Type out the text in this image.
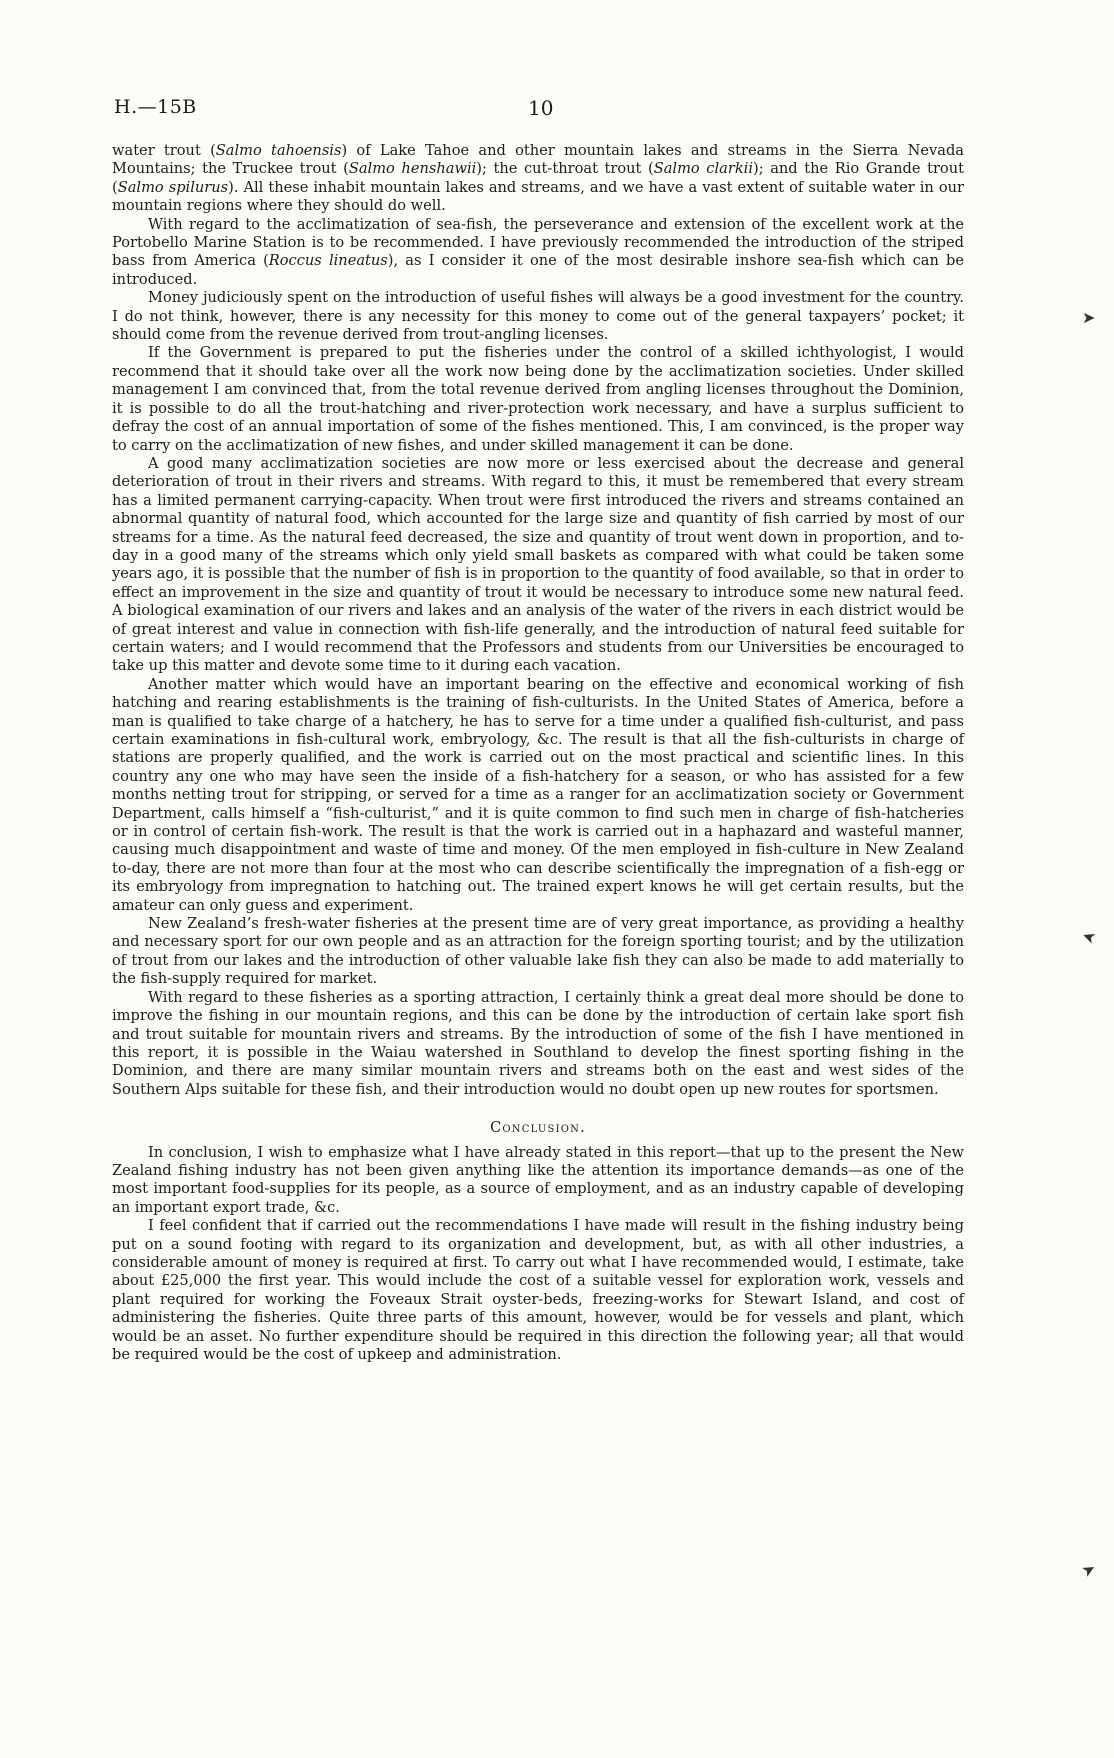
H.—15B	10
➤
➤
➤

water trout (Salmo tahoensis) of Lake Tahoe and other mountain lakes and streams in the Sierra Nevada Mountains; the Truckee trout (Salmo henshawii); the cut-throat trout (Salmo clarkii); and the Rio Grande trout (Salmo spilurus). All these inhabit mountain lakes and streams, and we have a vast extent of suitable water in our mountain regions where they should do well.

With regard to the acclimatization of sea-fish, the perseverance and extension of the excellent work at the Portobello Marine Station is to be recommended. I have previously recommended the introduction of the striped bass from America (Roccus lineatus), as I consider it one of the most desirable inshore sea-fish which can be introduced.

Money judiciously spent on the introduction of useful fishes will always be a good investment for the country. I do not think, however, there is any necessity for this money to come out of the general taxpayers’ pocket; it should come from the revenue derived from trout-angling licenses.

If the Government is prepared to put the fisheries under the control of a skilled ichthyologist, I would recommend that it should take over all the work now being done by the acclimatization societies. Under skilled management I am convinced that, from the total revenue derived from angling licenses throughout the Dominion, it is possible to do all the trout-hatching and river-protection work necessary, and have a surplus sufficient to defray the cost of an annual importation of some of the fishes mentioned. This, I am convinced, is the proper way to carry on the acclimatization of new fishes, and under skilled management it can be done.

A good many acclimatization societies are now more or less exercised about the decrease and general deterioration of trout in their rivers and streams. With regard to this, it must be remembered that every stream has a limited permanent carrying-capacity. When trout were first introduced the rivers and streams contained an abnormal quantity of natural food, which accounted for the large size and quantity of fish carried by most of our streams for a time. As the natural feed decreased, the size and quantity of trout went down in proportion, and to-day in a good many of the streams which only yield small baskets as compared with what could be taken some years ago, it is possible that the number of fish is in proportion to the quantity of food available, so that in order to effect an improvement in the size and quantity of trout it would be necessary to introduce some new natural feed. A biological examination of our rivers and lakes and an analysis of the water of the rivers in each district would be of great interest and value in connection with fish-life generally, and the introduction of natural feed suitable for certain waters; and I would recommend that the Professors and students from our Universities be encouraged to take up this matter and devote some time to it during each vacation.

Another matter which would have an important bearing on the effective and economical working of fish hatching and rearing establishments is the training of fish-culturists. In the United States of America, before a man is qualified to take charge of a hatchery, he has to serve for a time under a qualified fish-culturist, and pass certain examinations in fish-cultural work, embryology, &c. The result is that all the fish-culturists in charge of stations are properly qualified, and the work is carried out on the most practical and scientific lines. In this country any one who may have seen the inside of a fish-hatchery for a season, or who has assisted for a few months netting trout for stripping, or served for a time as a ranger for an acclimatization society or Government Department, calls himself a “fish-culturist,” and it is quite common to find such men in charge of fish-hatcheries or in control of certain fish-work. The result is that the work is carried out in a haphazard and wasteful manner, causing much disappointment and waste of time and money. Of the men employed in fish-culture in New Zealand to-day, there are not more than four at the most who can describe scientifically the impregnation of a fish-egg or its embryology from impregnation to hatching out. The trained expert knows he will get certain results, but the amateur can only guess and experiment.

New Zealand’s fresh-water fisheries at the present time are of very great importance, as providing a healthy and necessary sport for our own people and as an attraction for the foreign sporting tourist; and by the utilization of trout from our lakes and the introduction of other valuable lake fish they can also be made to add materially to the fish-supply required for market.

With regard to these fisheries as a sporting attraction, I certainly think a great deal more should be done to improve the fishing in our mountain regions, and this can be done by the introduction of certain lake sport fish and trout suitable for mountain rivers and streams. By the introduction of some of the fish I have mentioned in this report, it is possible in the Waiau watershed in Southland to develop the finest sporting fishing in the Dominion, and there are many similar mountain rivers and streams both on the east and west sides of the Southern Alps suitable for these fish, and their introduction would no doubt open up new routes for sportsmen.

Conclusion.

In conclusion, I wish to emphasize what I have already stated in this report—that up to the present the New Zealand fishing industry has not been given anything like the attention its importance demands—as one of the most important food-supplies for its people, as a source of employment, and as an industry capable of developing an important export trade, &c.

I feel confident that if carried out the recommendations I have made will result in the fishing industry being put on a sound footing with regard to its organization and development, but, as with all other industries, a considerable amount of money is required at first. To carry out what I have recommended would, I estimate, take about £25,000 the first year. This would include the cost of a suitable vessel for exploration work, vessels and plant required for working the Foveaux Strait oyster-beds, freezing-works for Stewart Island, and cost of administering the fisheries. Quite three parts of this amount, however, would be for vessels and plant, which would be an asset. No further expenditure should be required in this direction the following year; all that would be required would be the cost of upkeep and administration.
